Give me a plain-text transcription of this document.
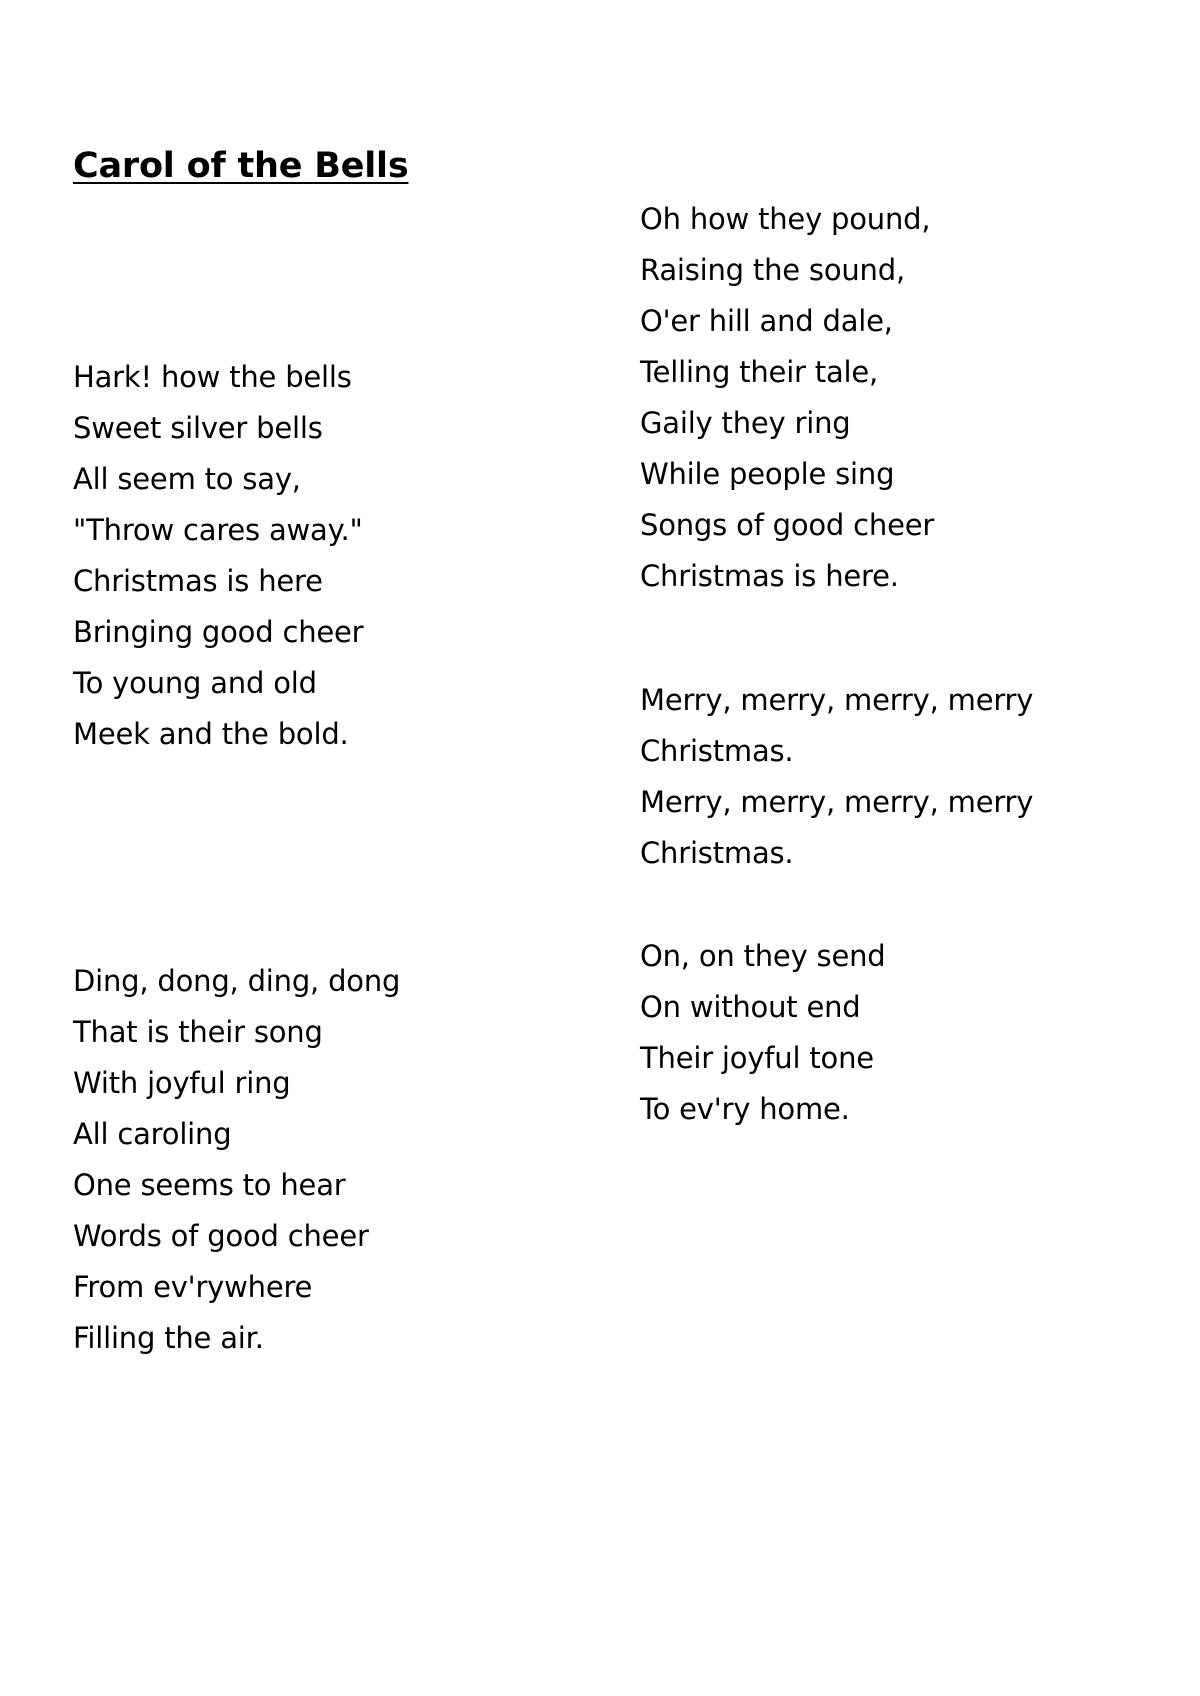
Carol of the Bells
Hark! how the bells
Sweet silver bells
All seem to say,
"Throw cares away."
Christmas is here
Bringing good cheer
To young and old
Meek and the bold.
Ding, dong, ding, dong
That is their song
With joyful ring
All caroling
One seems to hear
Words of good cheer
From ev'rywhere
Filling the air.
Oh how they pound,
Raising the sound,
O'er hill and dale,
Telling their tale,
Gaily they ring
While people sing
Songs of good cheer
Christmas is here.
Merry, merry, merry, merry
Christmas.
Merry, merry, merry, merry
Christmas.
On, on they send
On without end
Their joyful tone
To ev'ry home.
